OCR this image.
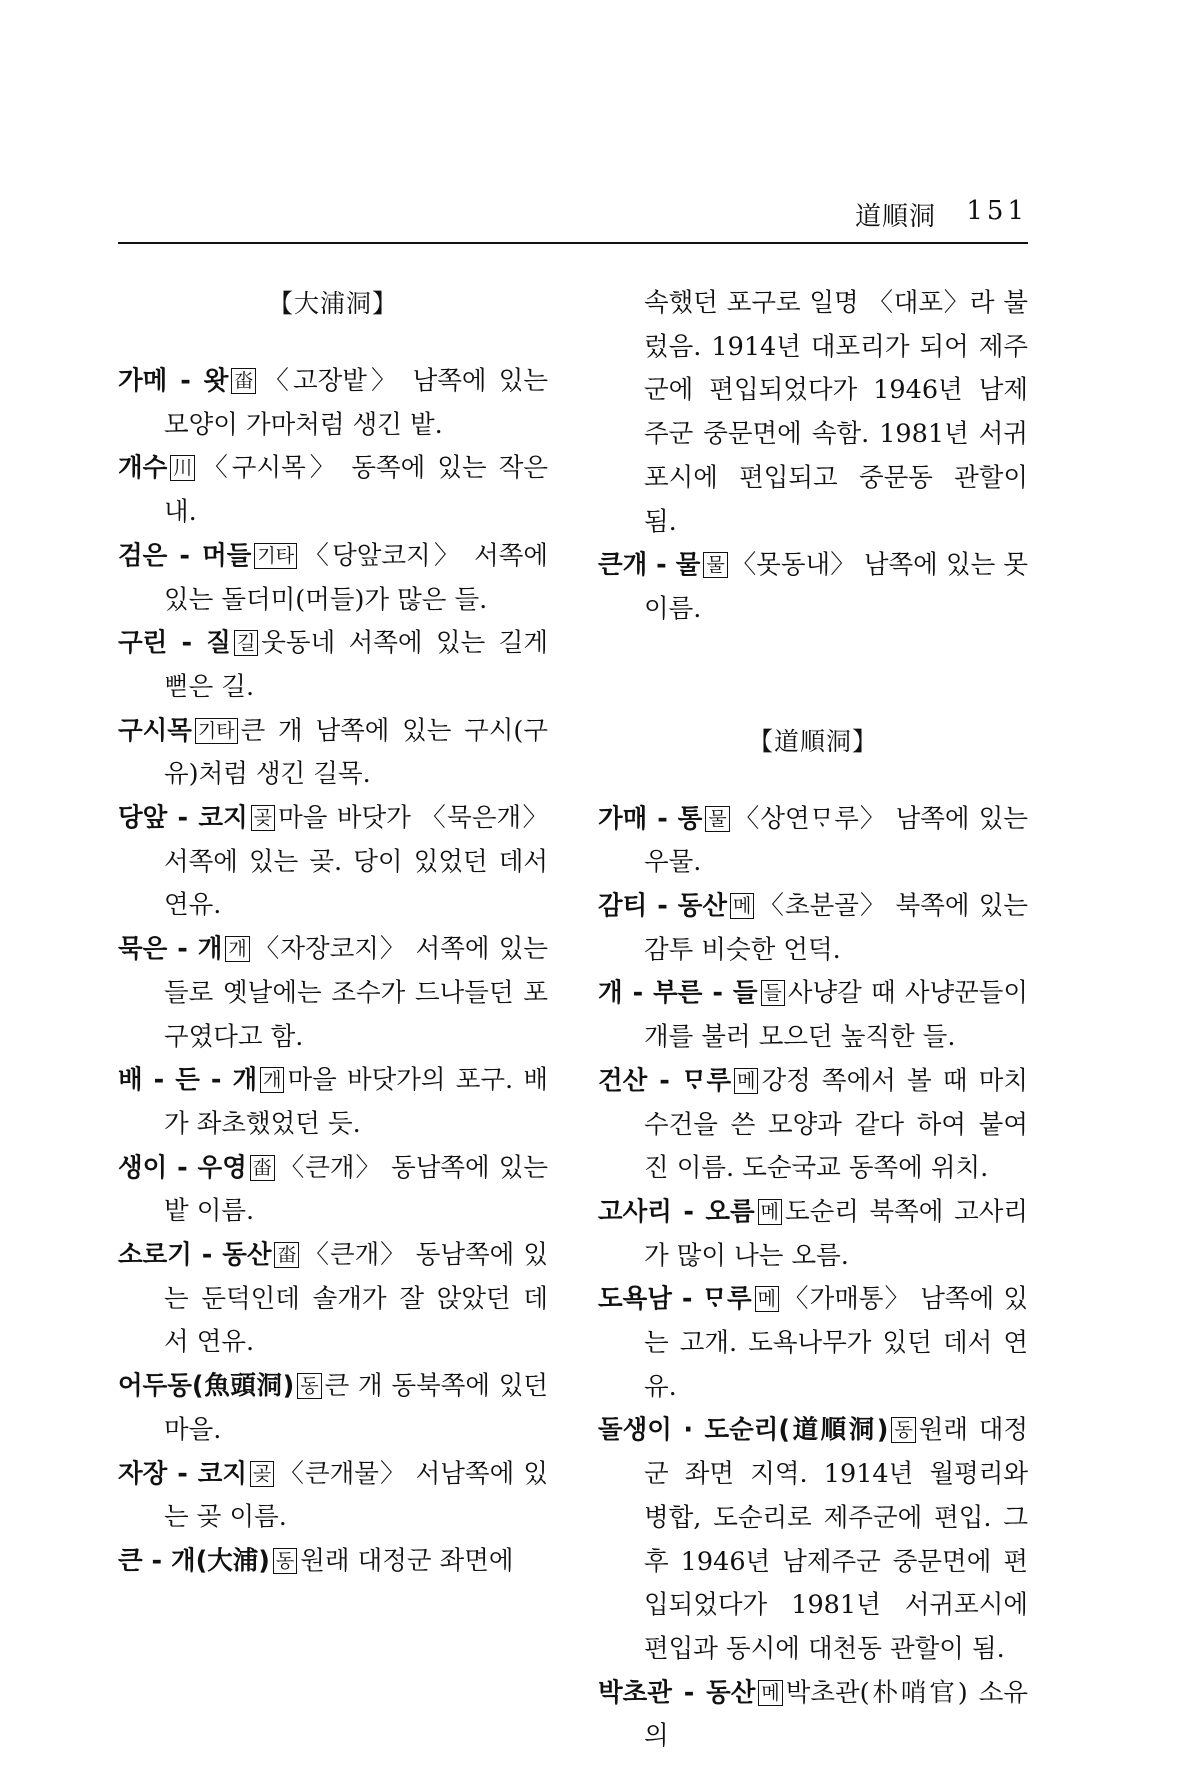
道順洞 151
【大浦洞】
가메 - 왓 畓 〈고장밭〉 남쪽에 있는 모양이 가마처럼 생긴 밭.
개수 川 〈구시목〉 동쪽에 있는 작은 내.
검은 - 머들 기타 〈당앞코지〉 서쪽에 있는 돌더미(머들)가 많은 들.
구린 - 질 길 웃동네 서쪽에 있는 길게 뻗은 길.
구시목 기타 큰 개 남쪽에 있는 구시(구유)처럼 생긴 길목.
당앞 - 코지 곶 마을 바닷가 〈묵은개〉 서쪽에 있는 곶. 당이 있었던 데서 연유.
묵은 - 개 개 〈자장코지〉 서쪽에 있는 들로 옛날에는 조수가 드나들던 포구였다고 함.
배 - 든 - 개 개 마을 바닷가의 포구. 배가 좌초했었던 듯.
생이 - 우영 畓 〈큰개〉 동남쪽에 있는 밭 이름.
소로기 - 동산 畓 〈큰개〉 동남쪽에 있는 둔덕인데 솔개가 잘 앉았던 데서 연유.
어두동(魚頭洞) 동 큰 개 동북쪽에 있던 마을.
자장 - 코지 곶 〈큰개물〉 서남쪽에 있는 곶 이름.
큰 - 개(大浦) 동 원래 대정군 좌면에
속했던 포구로 일명 〈대포〉라 불렀음. 1914년 대포리가 되어 제주군에 편입되었다가 1946년 남제주군 중문면에 속함. 1981년 서귀포시에 편입되고 중문동 관할이 됨.
큰개 - 물 물 〈못동내〉 남쪽에 있는 못 이름.
【道順洞】
가매 - 통 물 〈상연ᄆᆞ루〉 남쪽에 있는 우물.
감티 - 동산 메 〈초분골〉 북쪽에 있는 감투 비슷한 언덕.
개 - 부른 - 들 들 사냥갈 때 사냥꾼들이 개를 불러 모으던 높직한 들.
건산 - ᄆᆞ루 메 강정 쪽에서 볼 때 마치 수건을 쓴 모양과 같다 하여 붙여진 이름. 도순국교 동쪽에 위치.
고사리 - 오름 메 도순리 북쪽에 고사리가 많이 나는 오름.
도욕남 - ᄆᆞ루 메 〈가매통〉 남쪽에 있는 고개. 도욕나무가 있던 데서 연유.
돌생이 · 도순리(道順洞) 동 원래 대정군 좌면 지역. 1914년 월평리와 병합, 도순리로 제주군에 편입. 그 후 1946년 남제주군 중문면에 편입되었다가 1981년 서귀포시에 편입과 동시에 대천동 관할이 됨.
박초관 - 동산 메 박초관(朴哨官) 소유의
